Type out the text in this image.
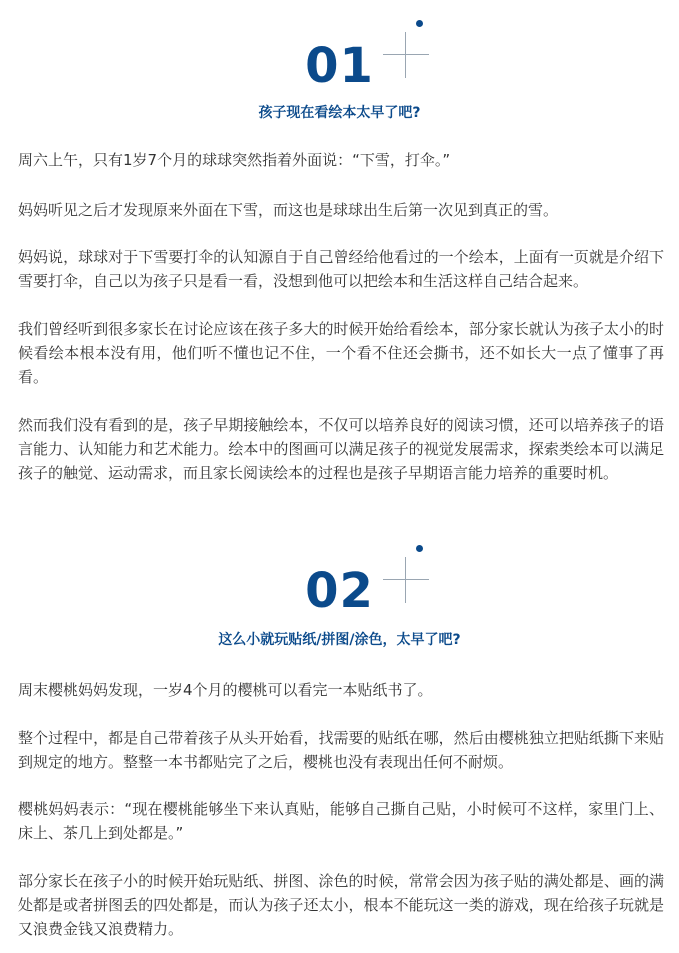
01
孩子现在看绘本太早了吧?

周六上午，只有1岁7个月的球球突然指着外面说：“下雪，打伞。”

妈妈听见之后才发现原来外面在下雪，而这也是球球出生后第一次见到真正的雪。

妈妈说，球球对于下雪要打伞的认知源自于自己曾经给他看过的一个绘本，上面有一页就是介绍下雪要打伞，自己以为孩子只是看一看，没想到他可以把绘本和生活这样自己结合起来。

我们曾经听到很多家长在讨论应该在孩子多大的时候开始给看绘本，部分家长就认为孩子太小的时候看绘本根本没有用，他们听不懂也记不住，一个看不住还会撕书，还不如长大一点了懂事了再看。

然而我们没有看到的是，孩子早期接触绘本，不仅可以培养良好的阅读习惯，还可以培养孩子的语言能力、认知能力和艺术能力。绘本中的图画可以满足孩子的视觉发展需求，探索类绘本可以满足孩子的触觉、运动需求，而且家长阅读绘本的过程也是孩子早期语言能力培养的重要时机。

02
这么小就玩贴纸/拼图/涂色，太早了吧?

周末樱桃妈妈发现，一岁4个月的樱桃可以看完一本贴纸书了。

整个过程中，都是自己带着孩子从头开始看，找需要的贴纸在哪，然后由樱桃独立把贴纸撕下来贴到规定的地方。整整一本书都贴完了之后，樱桃也没有表现出任何不耐烦。

樱桃妈妈表示：“现在樱桃能够坐下来认真贴，能够自己撕自己贴，小时候可不这样，家里门上、床上、茶几上到处都是。”

部分家长在孩子小的时候开始玩贴纸、拼图、涂色的时候，常常会因为孩子贴的满处都是、画的满处都是或者拼图丢的四处都是，而认为孩子还太小，根本不能玩这一类的游戏，现在给孩子玩就是又浪费金钱又浪费精力。
